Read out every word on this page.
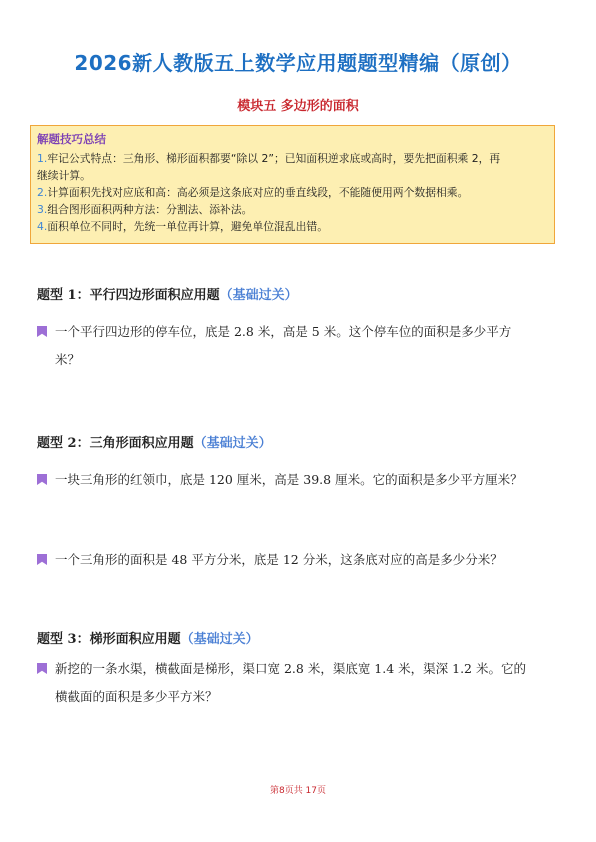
2026新人教版五上数学应用题题型精编（原创）
模块五 多边形的面积
解题技巧总结
1.牢记公式特点：三角形、梯形面积都要“除以 2”；已知面积逆求底或高时，要先把面积乘 2，再
继续计算。
2.计算面积先找对应底和高：高必须是这条底对应的垂直线段，不能随便用两个数据相乘。
3.组合图形面积两种方法：分割法、添补法。
4.面积单位不同时，先统一单位再计算，避免单位混乱出错。
题型 1：平行四边形面积应用题（基础过关）
一个平行四边形的停车位，底是 2.8 米，高是 5 米。这个停车位的面积是多少平方
米？
题型 2：三角形面积应用题（基础过关）
一块三角形的红领巾，底是 120 厘米，高是 39.8 厘米。它的面积是多少平方厘米？
一个三角形的面积是 48 平方分米，底是 12 分米，这条底对应的高是多少分米？
题型 3：梯形面积应用题（基础过关）
新挖的一条水渠，横截面是梯形，渠口宽 2.8 米，渠底宽 1.4 米，渠深 1.2 米。它的
横截面的面积是多少平方米？
第8页共 17页
